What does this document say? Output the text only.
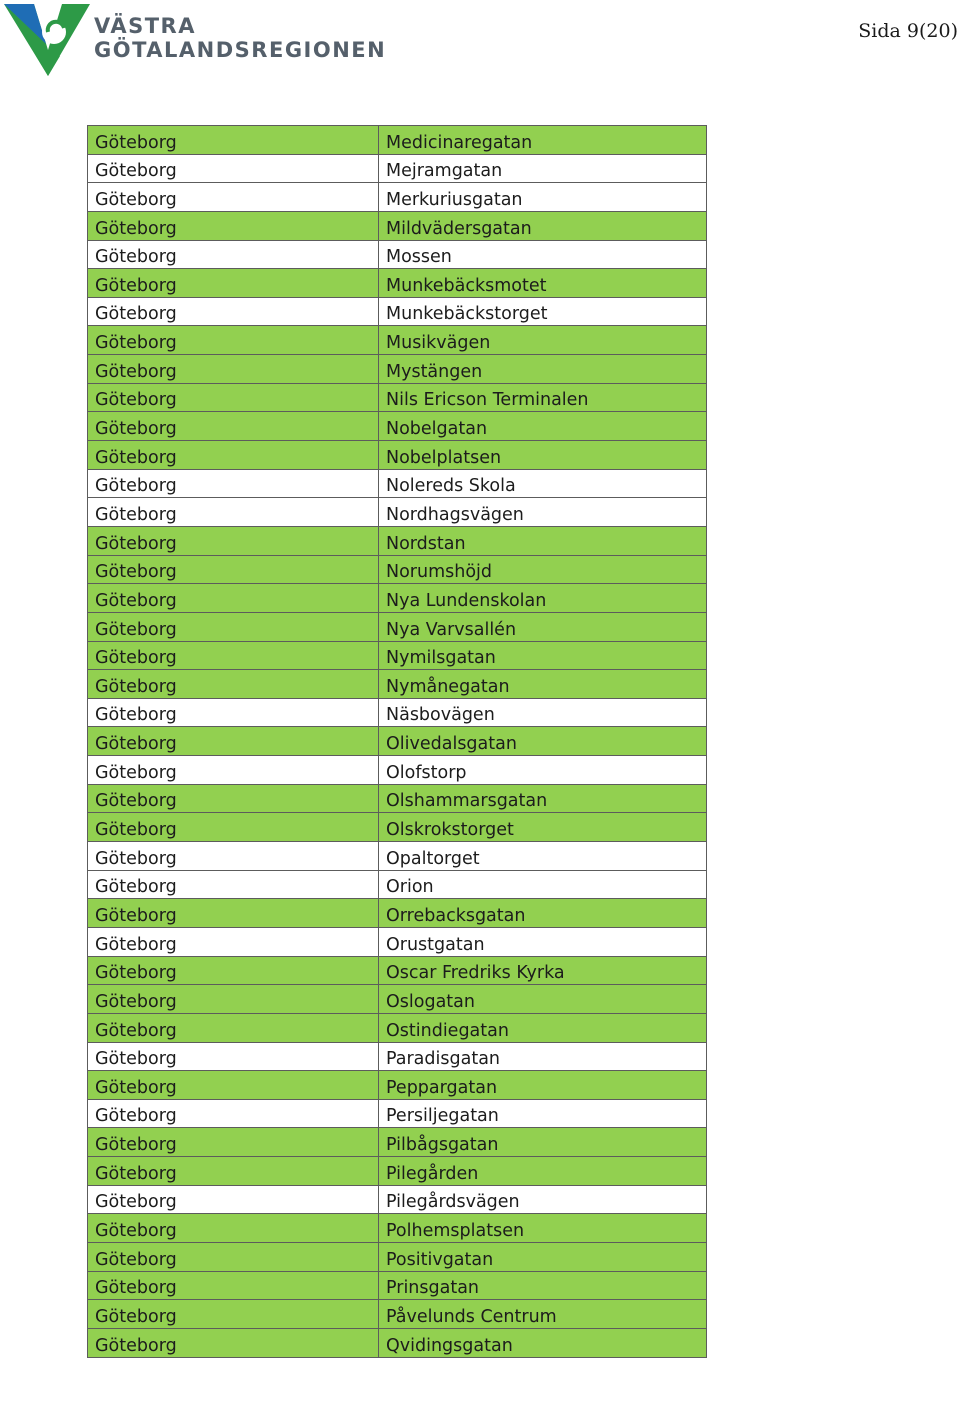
VÄSTRA
GÖTALANDSREGIONEN
Sida 9(20)
Göteborg	Medicinaregatan
Göteborg	Mejramgatan
Göteborg	Merkuriusgatan
Göteborg	Mildvädersgatan
Göteborg	Mossen
Göteborg	Munkebäcksmotet
Göteborg	Munkebäckstorget
Göteborg	Musikvägen
Göteborg	Mystängen
Göteborg	Nils Ericson Terminalen
Göteborg	Nobelgatan
Göteborg	Nobelplatsen
Göteborg	Nolereds Skola
Göteborg	Nordhagsvägen
Göteborg	Nordstan
Göteborg	Norumshöjd
Göteborg	Nya Lundenskolan
Göteborg	Nya Varvsallén
Göteborg	Nymilsgatan
Göteborg	Nymånegatan
Göteborg	Näsbovägen
Göteborg	Olivedalsgatan
Göteborg	Olofstorp
Göteborg	Olshammarsgatan
Göteborg	Olskrokstorget
Göteborg	Opaltorget
Göteborg	Orion
Göteborg	Orrebacksgatan
Göteborg	Orustgatan
Göteborg	Oscar Fredriks Kyrka
Göteborg	Oslogatan
Göteborg	Ostindiegatan
Göteborg	Paradisgatan
Göteborg	Peppargatan
Göteborg	Persiljegatan
Göteborg	Pilbågsgatan
Göteborg	Pilegården
Göteborg	Pilegårdsvägen
Göteborg	Polhemsplatsen
Göteborg	Positivgatan
Göteborg	Prinsgatan
Göteborg	Påvelunds Centrum
Göteborg	Qvidingsgatan
